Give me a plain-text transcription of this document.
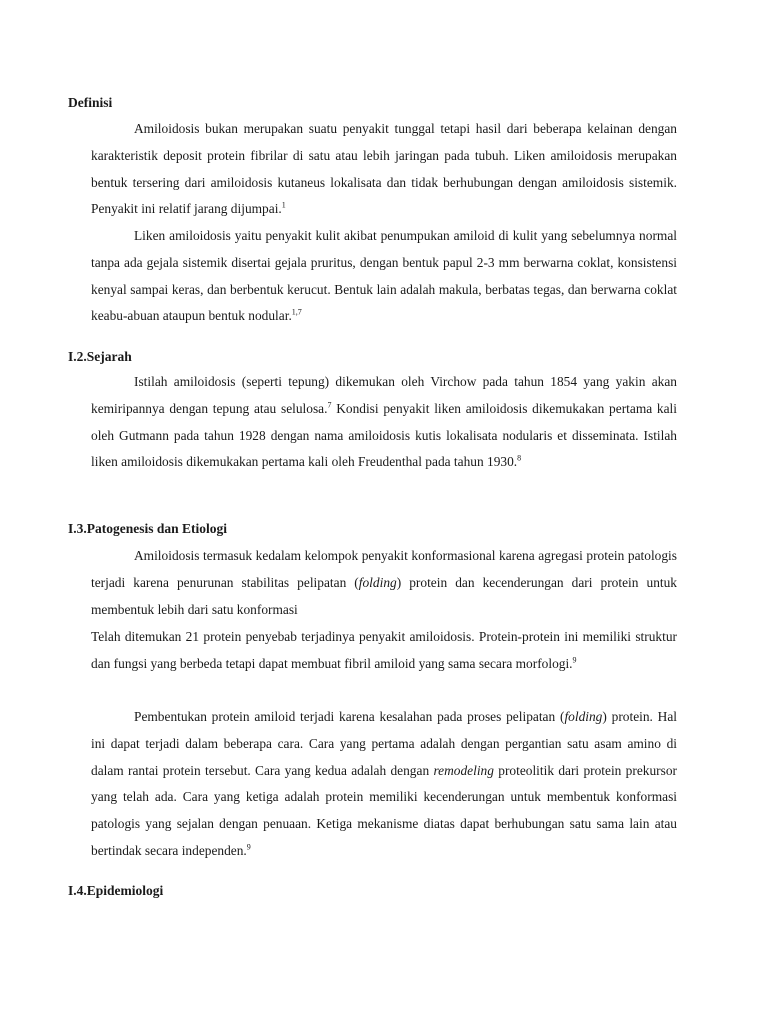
Definisi

Amiloidosis bukan merupakan suatu penyakit tunggal tetapi hasil dari beberapa kelainan dengan karakteristik deposit protein fibrilar di satu atau lebih jaringan pada tubuh. Liken amiloidosis merupakan bentuk tersering dari amiloidosis kutaneus lokalisata dan tidak berhubungan dengan amiloidosis sistemik. Penyakit ini relatif jarang dijumpai.$^1$

Liken amiloidosis yaitu penyakit kulit akibat penumpukan amiloid di kulit yang sebelumnya normal tanpa ada gejala sistemik disertai gejala pruritus, dengan bentuk papul 2-3 mm berwarna coklat, konsistensi kenyal sampai keras, dan berbentuk kerucut. Bentuk lain adalah makula, berbatas tegas, dan berwarna coklat keabu-abuan ataupun bentuk nodular.$^{1,7}$

I.2.Sejarah

Istilah amiloidosis (seperti tepung) dikemukan oleh Virchow pada tahun 1854 yang yakin akan kemiripannya dengan tepung atau selulosa.$^7$ Kondisi penyakit liken amiloidosis dikemukakan pertama kali oleh Gutmann pada tahun 1928 dengan nama amiloidosis kutis lokalisata nodularis et disseminata. Istilah liken amiloidosis dikemukakan pertama kali oleh Freudenthal pada tahun 1930.$^8$

I.3.Patogenesis dan Etiologi

Amiloidosis termasuk kedalam kelompok penyakit konformasional karena agregasi protein patologis terjadi karena penurunan stabilitas pelipatan (folding) protein dan kecenderungan dari protein untuk membentuk lebih dari satu konformasi

Telah ditemukan 21 protein penyebab terjadinya penyakit amiloidosis. Protein-protein ini memiliki struktur dan fungsi yang berbeda tetapi dapat membuat fibril amiloid yang sama secara morfologi.$^9$

Pembentukan protein amiloid terjadi karena kesalahan pada proses pelipatan (folding) protein. Hal ini dapat terjadi dalam beberapa cara. Cara yang pertama adalah dengan pergantian satu asam amino di dalam rantai protein tersebut. Cara yang kedua adalah dengan remodeling proteolitik dari protein prekursor yang telah ada. Cara yang ketiga adalah protein memiliki kecenderungan untuk membentuk konformasi patologis yang sejalan dengan penuaan. Ketiga mekanisme diatas dapat berhubungan satu sama lain atau bertindak secara independen.$^9$

I.4.Epidemiologi
